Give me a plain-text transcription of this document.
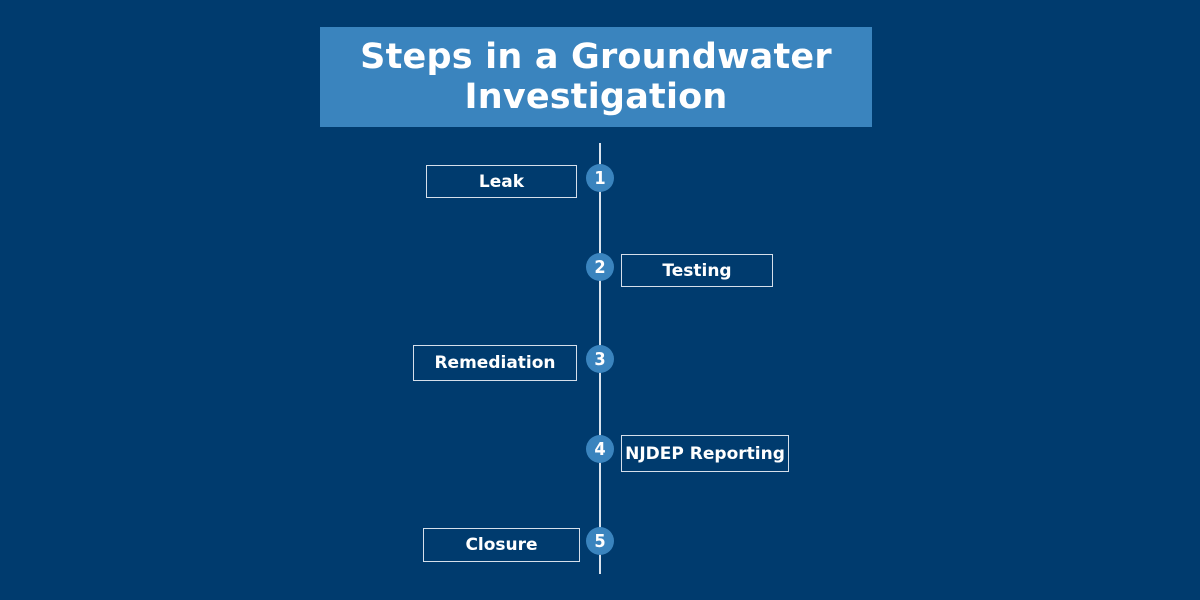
Steps in a Groundwater Investigation
Leak	1
Testing
2
Remediation 3
NJDEP Reporting
4
Closure	5
